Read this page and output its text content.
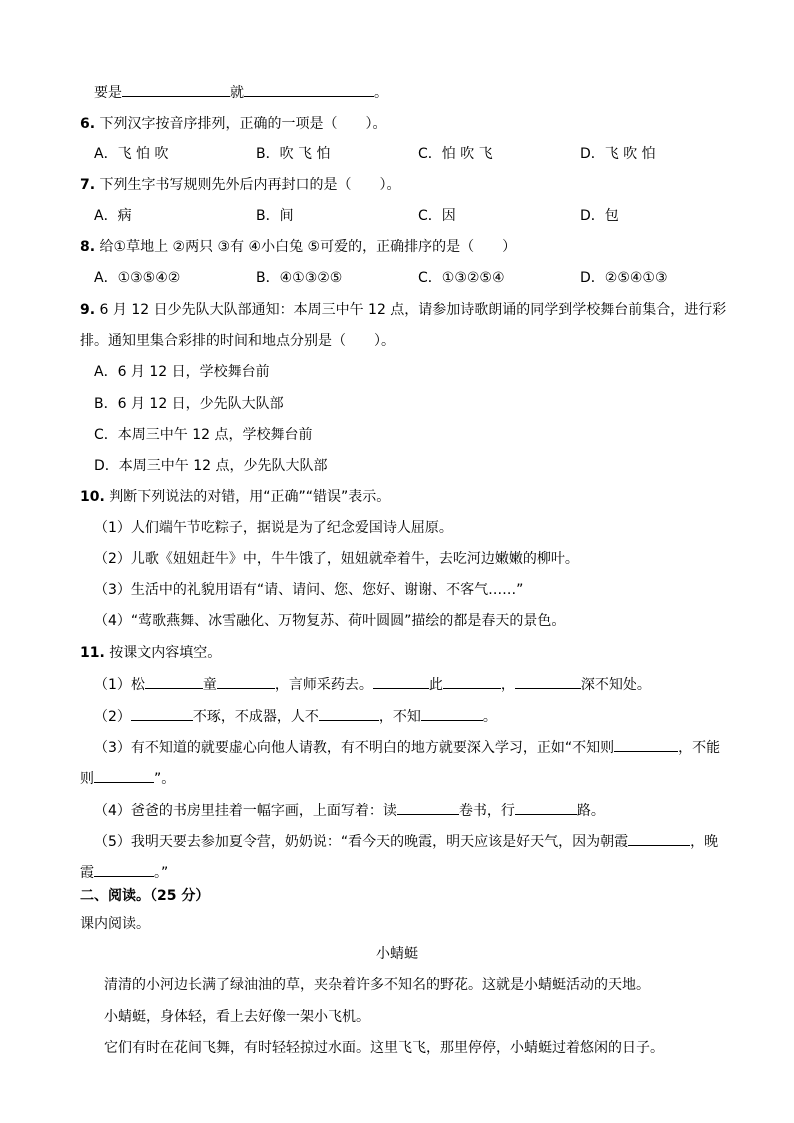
要是	就	。
6. 下列汉字按音序排列，正确的一项是（　　）。
A．飞 怕 吹	B．吹 飞 怕	C．怕 吹 飞	D．飞 吹 怕
7. 下列生字书写规则先外后内再封口的是（　　）。
A．病	B．间	C．因	D．包
8. 给①草地上 ②两只 ③有 ④小白兔 ⑤可爱的，正确排序的是（　　）
A．①③⑤④②	B．④①③②⑤	C．①③②⑤④	D．②⑤④①③
9. 6 月 12 日少先队大队部通知：本周三中午 12 点，请参加诗歌朗诵的同学到学校舞台前集合，进行彩
排。通知里集合彩排的时间和地点分别是（　　）。
A．6 月 12 日，学校舞台前
B．6 月 12 日，少先队大队部
C．本周三中午 12 点，学校舞台前
D．本周三中午 12 点，少先队大队部
10. 判断下列说法的对错，用“正确”“错误”表示。
（1）人们端午节吃粽子，据说是为了纪念爱国诗人屈原。
（2）儿歌《妞妞赶牛》中，牛牛饿了，妞妞就牵着牛，去吃河边嫩嫩的柳叶。
（3）生活中的礼貌用语有“请、请问、您、您好、谢谢、不客气……”
（4）“莺歌燕舞、冰雪融化、万物复苏、荷叶圆圆”描绘的都是春天的景色。
11. 按课文内容填空。
（1）松	童	，言师采药去。	此	，	深不知处。
（2）	不琢，不成器，人不	，不知	。
（3）有不知道的就要虚心向他人请教，有不明白的地方就要深入学习，正如“不知则	，不能
则	”。
（4）爸爸的书房里挂着一幅字画，上面写着：读	卷书，行	路。
（5）我明天要去参加夏令营，奶奶说：“看今天的晚霞，明天应该是好天气，因为朝霞	，晚
霞	。”
二、阅读。（25 分）
课内阅读。
小蜻蜓
清清的小河边长满了绿油油的草，夹杂着许多不知名的野花。这就是小蜻蜓活动的天地。
小蜻蜓，身体轻，看上去好像一架小飞机。
它们有时在花间飞舞，有时轻轻掠过水面。这里飞飞，那里停停，小蜻蜓过着悠闲的日子。
